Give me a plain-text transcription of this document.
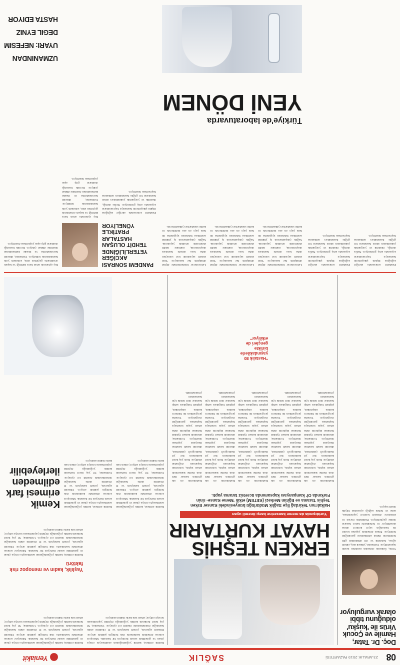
08
23 ARALIK 2019 PAZARTESİ
SAĞLIK
Yeniakit
Doç. Dr. Tatar, Hamile ve Çocuk Virüs ile 'kuşku' olduğunu tıbbi olarak vurguluyor
Virüs, farkında olmadan nesilden nesile taşınabiliyor. Uzmanlar, yüksek ateş, eklem ağrısı, halsizlik ve cilt döküntüsü gibi belirtilerin ihmal edilmemesi gerektiğini belirtiyor. Erken dönemde yapılan testler ile hastalığın seyri kontrol altına alınabiliyor ve bebeklerde kalıcı hasarın önüne geçilebiliyor. Hamilelik öncesi ve süresince düzenli kontrol yaptırılması, anne ve bebek sağlığı açısından büyük önem taşıyor.
ERKEN TEŞHİS
HAYAT KURTARIR
Yurtdışında da meme kanserine karşı önemli uyarı
Halkalı'nın Tekirdağ İlçe Sağlık Müdürlüğü bünyesindeki Kanser Erken Teşhis Tarama ve Eğitim Merkezi (KETEM) etkili 'Meme Kanse- rinin Farkında Ol' kampanyası kapsamında ücretsiz tarama yaptı.
Kadınlarda en sık görülen kanser türü olan meme kanserinde erken teşhis, tedavinin başarısını doğrudan etkiliyor. Kırk yaş üzeri kadınların her yıl mamografi çektirmesi, düzenli kendi kendine muayene yapması öneriliyor. Uzmanlar, ailesinde kanser öyküsü bulunan kişilerin daha erken yaşta taramaya başlaması gerektiğini vurguluyor. Tarama programları ile binlerce kadına ulaşılırken, şüpheli bulgulara sahip hastalar ileri tetkik için hastanelere yönlendirildi.
Kadınlarda en sık görülen kanser türü olan meme kanserinde erken teşhis, tedavinin başarısını doğrudan etkiliyor. Kırk yaş üzeri kadınların her yıl mamografi çektirmesi, düzenli kendi kendine muayene yapması öneriliyor. Uzmanlar, ailesinde kanser öyküsü bulunan kişilerin daha erken yaşta taramaya başlaması gerektiğini vurguluyor. Tarama programları ile binlerce kadına ulaşılırken, şüpheli bulgulara sahip hastalar ileri tetkik için hastanelere yönlendirildi.
Kadınlarda en sık görülen kanser türü olan meme kanserinde erken teşhis, tedavinin başarısını doğrudan etkiliyor. Kırk yaş üzeri kadınların her yıl mamografi çektirmesi, düzenli kendi kendine muayene yapması öneriliyor. Uzmanlar, ailesinde kanser öyküsü bulunan kişilerin daha erken yaşta taramaya başlaması gerektiğini vurguluyor. Tarama programları ile binlerce kadına ulaşılırken, şüpheli bulgulara sahip hastalar ileri tetkik için hastanelere yönlendirildi.
"Hastalık 80 yaşındakilerle birlikte gençleri de etkiliyor"
Kadınlarda en sık görülen kanser türü olan meme kanserinde erken teşhis, tedavinin başarısını doğrudan etkiliyor. Kırk yaş üzeri kadınların her yıl mamografi çektirmesi, düzenli kendi kendine muayene yapması öneriliyor. Uzmanlar, ailesinde kanser öyküsü bulunan kişilerin daha erken yaşta taramaya başlaması gerektiğini vurguluyor. Tarama programları ile binlerce kadına ulaşılırken, şüpheli bulgulara sahip hastalar ileri tetkik için hastanelere yönlendirildi.
Kadınlarda en sık görülen kanser türü olan meme kanserinde erken teşhis, tedavinin başarısını doğrudan etkiliyor. Kırk yaş üzeri kadınların her yıl mamografi çektirmesi, düzenli kendi kendine muayene yapması öneriliyor. Uzmanlar, ailesinde kanser öyküsü bulunan kişilerin daha erken yaşta taramaya başlaması gerektiğini vurguluyor. Tarama programları ile binlerce kadına ulaşılırken, şüpheli bulgulara sahip hastalar ileri tetkik için hastanelere yönlendirildi.
Kemik erimesi, kemik yoğunluğunun azalmasıyla ortaya çıkan ve genellikle sessiz ilerleyen bir hastalık. Menopoz sonrası dönemde kadınlarda risk belirgin şekilde artıyor. Düzenli egzersiz, yeterli kalsiyum ve D vitamini alımı hastalığın önlenmesinde önemli rol oynuyor. Uzmanlar, 50 yaş üzeri herkesin kemik yoğunluğu ölçümü yaptırmasını tavsiye ediyor; erken tanı kırık riskini azaltıyor.
Kemik erimesi, kemik yoğunluğunun azalmasıyla ortaya çıkan ve genellikle sessiz ilerleyen bir hastalık. Menopoz sonrası dönemde kadınlarda risk belirgin şekilde artıyor. Düzenli egzersiz, yeterli kalsiyum ve D vitamini alımı hastalığın önlenmesinde önemli rol oynuyor. Uzmanlar, 50 yaş üzeri herkesin kemik yoğunluğu ölçümü yaptırmasını tavsiye ediyor; erken tanı kırık riskini azaltıyor.
Yaşlılık, kadın ve menopoz risk faktörü
Kemik erimesi, kemik yoğunluğunun azalmasıyla ortaya çıkan ve genellikle sessiz ilerleyen bir hastalık. Menopoz sonrası dönemde kadınlarda risk belirgin şekilde artıyor. Düzenli egzersiz, yeterli kalsiyum ve D vitamini alımı hastalığın önlenmesinde önemli rol oynuyor. Uzmanlar, 50 yaş üzeri herkesin kemik yoğunluğu ölçümü yaptırmasını tavsiye ediyor; erken tanı kırık riskini azaltıyor.
Kemik erimesi, kemik yoğunluğunun azalmasıyla ortaya çıkan ve genellikle sessiz ilerleyen bir hastalık. Menopoz sonrası dönemde kadınlarda risk belirgin şekilde artıyor. Düzenli egzersiz, yeterli kalsiyum ve D vitamini alımı hastalığın önlenmesinde önemli rol oynuyor. Uzmanlar, 50 yaş üzeri herkesin kemik yoğunluğu ölçümü yaptırmasını tavsiye ediyor; erken tanı kırık riskini azaltıyor.
Kemik erimesi, kemik yoğunluğunun azalmasıyla ortaya çıkan ve genellikle sessiz ilerleyen bir hastalık. Menopoz sonrası dönemde kadınlarda risk belirgin şekilde artıyor. Düzenli egzersiz, yeterli kalsiyum ve D vitamini alımı hastalığın önlenmesinde önemli rol oynuyor. Uzmanlar, 50 yaş üzeri herkesin kemik yoğunluğu ölçümü yaptırmasını tavsiye ediyor; erken tanı kırık riskini azaltıyor.
Kemik erimesi fark edilmeden ilerleyebilir
Pandemi sonrasında akciğer sağlığına ilişkin şikayetlerle hastaneye başvuranların sayısında artış gözleniyor. Nefes darlığı, öksürük ve yorgunluk yakınmaları süren hastaların bir göğüs hastalıkları uzmanına başvurması öneriliyor.
Pandemi sonrasında akciğer sağlığına ilişkin şikayetlerle hastaneye başvuranların sayısında artış gözleniyor. Nefes darlığı, öksürük ve yorgunluk yakınmaları süren hastaların bir göğüs hastalıkları uzmanına başvurması öneriliyor.
Laboratuvar hizmetlerinde dijital dönüşüm hız kazanıyor. Yeni sistem sayesinde test sonuçları daha kısa sürede hastalara ulaştırılacak, numune takibi elektronik ortamda yapılacak. Sağlık çalışanlarının iş yükünü azaltması beklenen uygulama ile hata payı en aza indirilecek ve kalite standartları yükseltilecek.
Laboratuvar hizmetlerinde dijital dönüşüm hız kazanıyor. Yeni sistem sayesinde test sonuçları daha kısa sürede hastalara ulaştırılacak, numune takibi elektronik ortamda yapılacak. Sağlık çalışanlarının iş yükünü azaltması beklenen uygulama ile hata payı en aza indirilecek ve kalite standartları yükseltilecek.
Laboratuvar hizmetlerinde dijital dönüşüm hız kazanıyor. Yeni sistem sayesinde test sonuçları daha kısa sürede hastalara ulaştırılacak, numune takibi elektronik ortamda yapılacak. Sağlık çalışanlarının iş yükünü azaltması beklenen uygulama ile hata payı en aza indirilecek ve kalite standartları yükseltilecek.
PANDEMİ SONRASI AKCİĞER YETERLİLİĞİNDE TEHDİT OLUŞAN HASTALAR PRATİKLE YÖNELİYOR
Pandemi sonrasında akciğer sağlığına ilişkin şikayetlerle hastaneye başvuranların sayısında artış gözleniyor. Nefes darlığı, öksürük ve yorgunluk yakınmaları süren hastaların bir göğüs hastalıkları uzmanına başvurması öneriliyor.
Kış aylarında artan hava kirliliği ve kapalı ortamlarda geçirilen süre, solunum yolu hastalıklarını tetikliyor. Uzmanlar, düzenli havalandırma ve maske kullanımının önemine dikkat çekiyor. Kronik hastalığı olanların grip aşısı yaptırması öneriliyor.
Kış aylarında artan hava kirliliği ve kapalı ortamlarda geçirilen süre, solunum yolu hastalıklarını tetikliyor. Uzmanlar, düzenli havalandırma ve maske kullanımının önemine dikkat çekiyor. Kronik hastalığı olanların grip aşısı yaptırması öneriliyor.
UZMANINDAN
UYARI: NEFESİM
DEĞİL EYNİZ
HASTA EDİYOR
Türkiye'de laboratuvarda
YENİ DÖNEM
